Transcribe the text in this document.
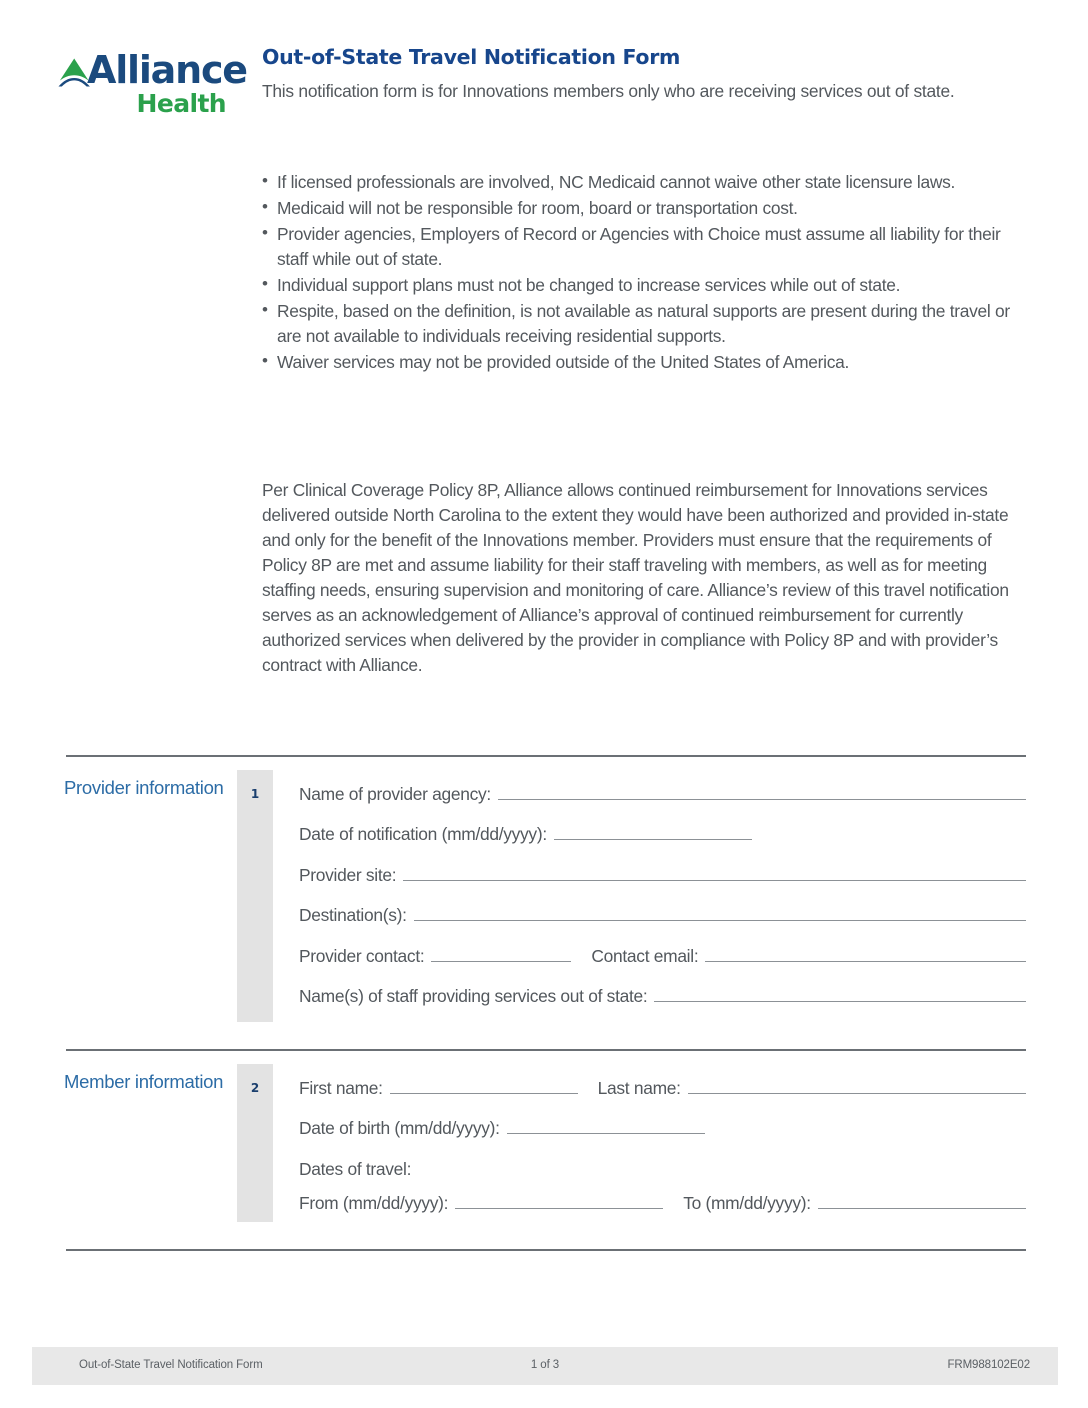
Alliance
Health
Out-of-State Travel Notification Form

This notification form is for Innovations members only who are receiving services out of state.

• If licensed professionals are involved, NC Medicaid cannot waive other state licensure laws.
• Medicaid will not be responsible for room, board or transportation cost.
• Provider agencies, Employers of Record or Agencies with Choice must assume all liability for their staff while out of state.
• Individual support plans must not be changed to increase services while out of state.
• Respite, based on the definition, is not available as natural supports are present during the travel or are not available to individuals receiving residential supports.
• Waiver services may not be provided outside of the United States of America.

Per Clinical Coverage Policy 8P, Alliance allows continued reimbursement for Innovations services delivered outside North Carolina to the extent they would have been authorized and provided in-state and only for the benefit of the Innovations member. Providers must ensure that the requirements of Policy 8P are met and assume liability for their staff traveling with members, as well as for meeting staffing needs, ensuring supervision and monitoring of care. Alliance’s review of this travel notification serves as an acknowledgement of Alliance’s approval of continued reimbursement for currently authorized services when delivered by the provider in compliance with Policy 8P and with provider’s contract with Alliance.

Provider information	1	Name of provider agency:
Date of notification (mm/dd/yyyy):
Provider site:
Destination(s):
Provider contact:	Contact email:
Name(s) of staff providing services out of state:
Member information	2	First name:	Last name:
Date of birth (mm/dd/yyyy):
Dates of travel:
From (mm/dd/yyyy):	To (mm/dd/yyyy):
Out-of-State Travel Notification Form	1 of 3	FRM988102E02
